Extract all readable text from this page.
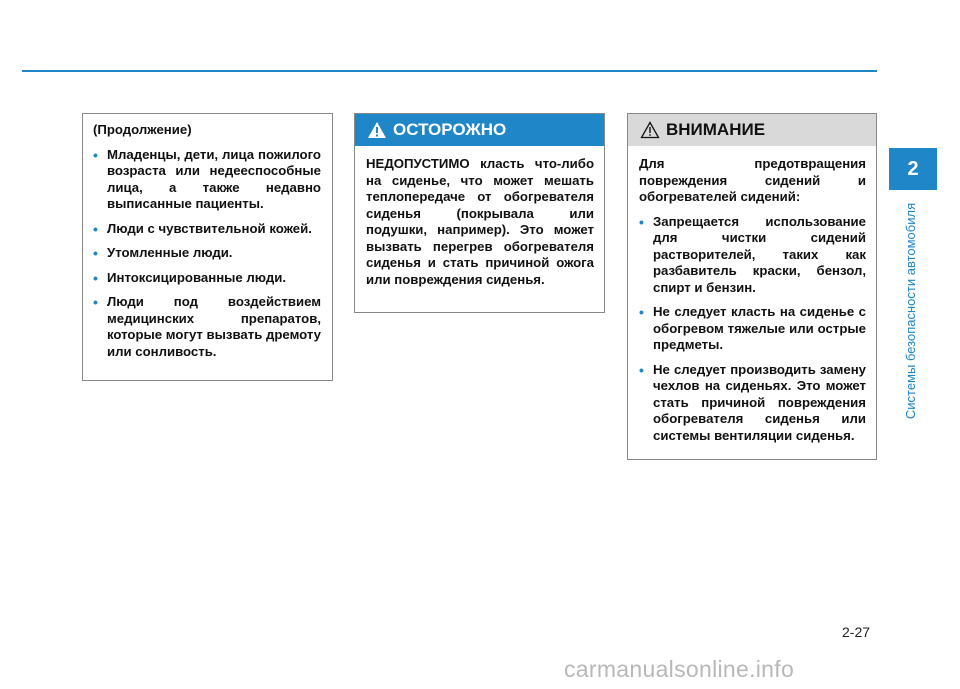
(Продолжение)

• Младенцы, дети, лица пожилого возраста или недееспособные лица, а также недавно выписанные пациенты.
• Люди с чувствительной кожей.
• Утомленные люди.
• Интоксицированные люди.
• Люди под воздействием медицинских препаратов, которые могут вызвать дремоту или сонливость.
ОСТОРОЖНО

НЕДОПУСТИМО класть что-либо на сиденье, что может мешать теплопередаче от обогревателя сиденья (покрывала или подушки, например). Это может вызвать перегрев обогревателя сиденья и стать причиной ожога или повреждения сиденья.

ВНИМАНИЕ

Для предотвращения повреждения сидений и обогревателей сидений:

• Запрещается использование для чистки сидений растворителей, таких как разбавитель краски, бензол, спирт и бензин.
• Не следует класть на сиденье с обогревом тяжелые или острые предметы.
• Не следует производить замену чехлов на сиденьях. Это может стать причиной повреждения обогревателя сиденья или системы вентиляции сиденья.
2
Системы безопасности автомобиля
2-27
carmanualsonline.info
